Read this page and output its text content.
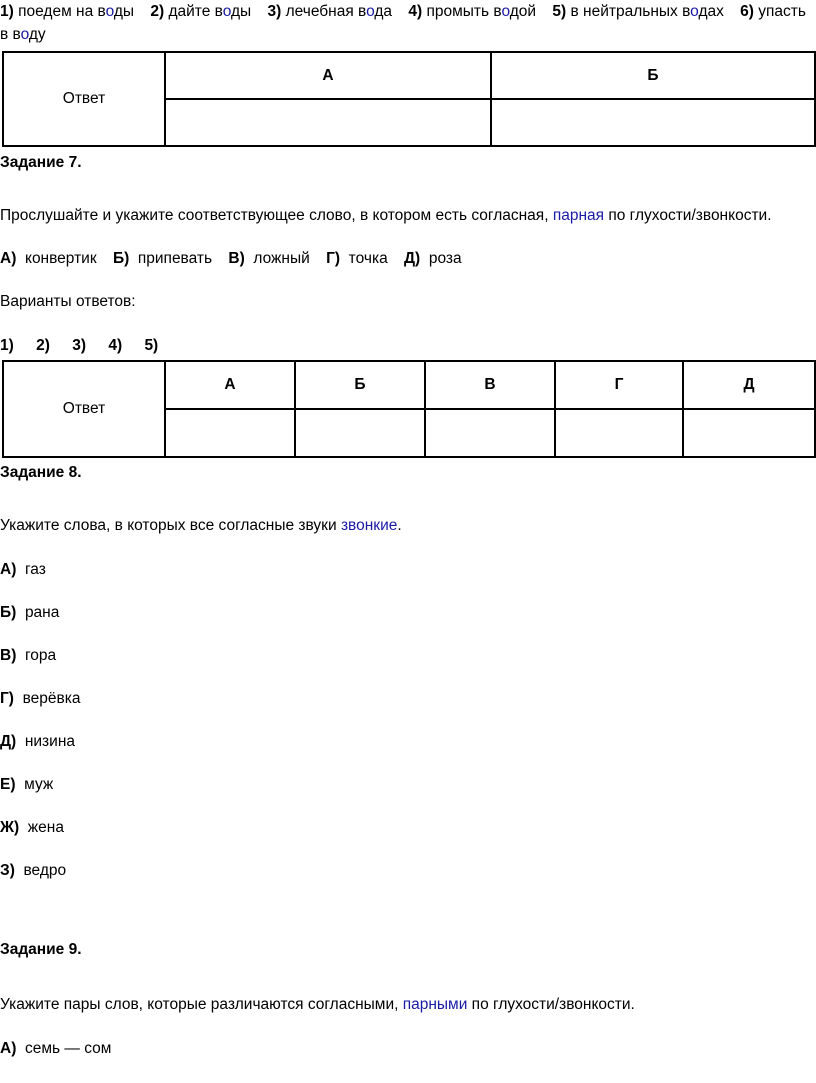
1) поедем на воды 2) дайте воды 3) лечебная вода 4) промыть водой 5) в нейтральных водах 6) упасть
в воду
Ответ	А	Б

Задание 7.
Прослушайте и укажите соответствующее слово, в котором есть согласная, парная по глухости/звонкости.
А) конвертик Б) припевать В) ложный Г) точка Д) роза
Варианты ответов:
1) 2) 3) 4) 5)
Ответ	А	Б	В	Г	Д

Задание 8.
Укажите слова, в которых все согласные звуки звонкие.
А) газ
Б) рана
В) гора
Г) верёвка
Д) низина
Е) муж
Ж) жена
З) ведро
Задание 9.
Укажите пары слов, которые различаются согласными, парными по глухости/звонкости.
А) семь — сом
